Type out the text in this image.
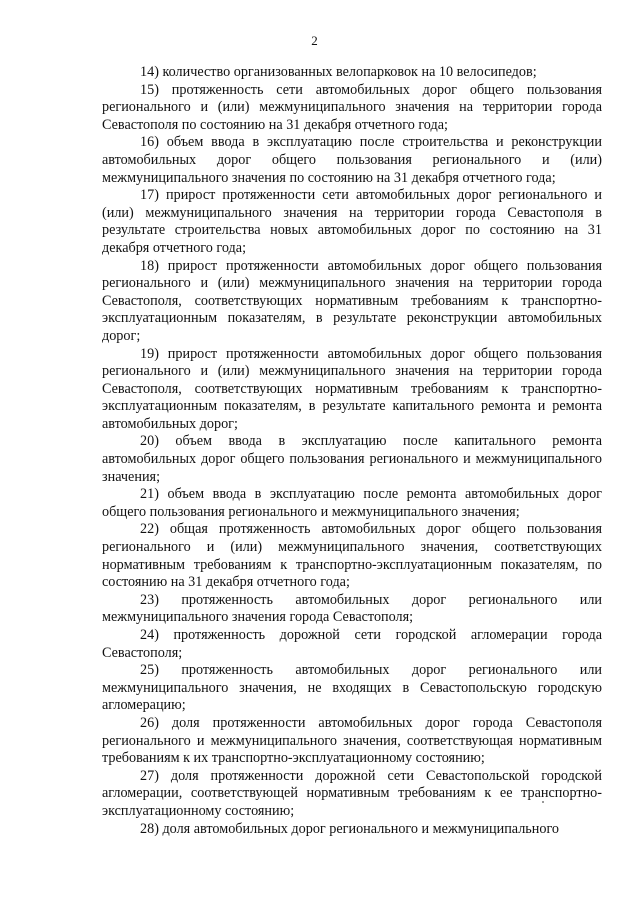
2

14) количество организованных велопарковок на 10 велосипедов;

15) протяженность сети автомобильных дорог общего пользования регионального и (или) межмуниципального значения на территории города Севастополя по состоянию на 31 декабря отчетного года;

16) объем ввода в эксплуатацию после строительства и реконструкции автомобильных дорог общего пользования регионального и (или) межмуниципального значения по состоянию на 31 декабря отчетного года;

17) прирост протяженности сети автомобильных дорог регионального и (или) межмуниципального значения на территории города Севастополя в результате строительства новых автомобильных дорог по состоянию на 31 декабря отчетного года;

18) прирост протяженности автомобильных дорог общего пользования регионального и (или) межмуниципального значения на территории города Севастополя, соответствующих нормативным требованиям к транспортно-эксплуатационным показателям, в результате реконструкции автомобильных дорог;

19) прирост протяженности автомобильных дорог общего пользования регионального и (или) межмуниципального значения на территории города Севастополя, соответствующих нормативным требованиям к транспортно-эксплуатационным показателям, в результате капитального ремонта и ремонта автомобильных дорог;

20) объем ввода в эксплуатацию после капитального ремонта автомобильных дорог общего пользования регионального и межмуниципального значения;

21) объем ввода в эксплуатацию после ремонта автомобильных дорог общего пользования регионального и межмуниципального значения;

22) общая протяженность автомобильных дорог общего пользования регионального и (или) межмуниципального значения, соответствующих нормативным требованиям к транспортно-эксплуатационным показателям, по состоянию на 31 декабря отчетного года;

23) протяженность автомобильных дорог регионального или межмуниципального значения города Севастополя;

24) протяженность дорожной сети городской агломерации города Севастополя;

25) протяженность автомобильных дорог регионального или межмуниципального значения, не входящих в Севастопольскую городскую агломерацию;

26) доля протяженности автомобильных дорог города Севастополя регионального и межмуниципального значения, соответствующая нормативным требованиям к их транспортно-эксплуатационному состоянию;

27) доля протяженности дорожной сети Севастопольской городской агломерации, соответствующей нормативным требованиям к ее транспортно-эксплуатационному состоянию;

28) доля автомобильных дорог регионального и межмуниципального
